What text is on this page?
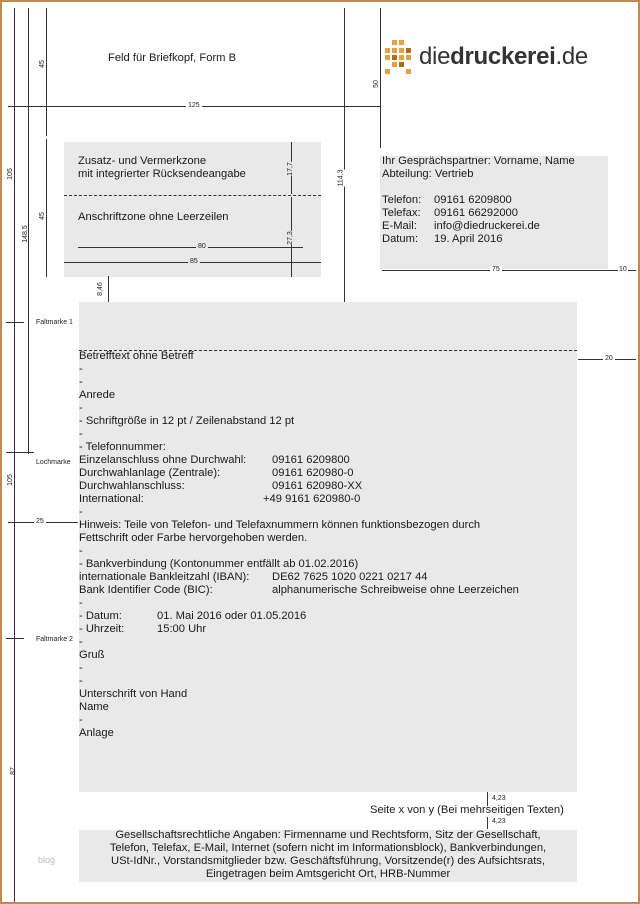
45
105
148,5
45
105
87
Faltmarke 1
Lochmarke
Faltmarke 2
125
50
114,3
Feld für Briefkopf, Form B	diedruckerei.de
Zusatz- und Vermerkzone
mit integrierter Rücksendeangabe
Anschriftzone ohne Leerzeilen
80
85
17,7
27,3
Ihr Gesprächspartner: Vorname, Name
Abteilung: Vertrieb
Telefon: 09161 6209800
Telefax: 09161 66292000
E-Mail: info@diedruckerei.de
Datum: 19. April 2016
75	10
8,46
20
25
Betrefftext ohne Betreff
-
-
Anrede
-
- Schriftgröße in 12 pt / Zeilenabstand 12 pt
-
- Telefonnummer:
Einzelanschluss ohne Durchwahl: 09161 6209800
Durchwahlanlage (Zentrale):	09161 620980-0
Durchwahlanschluss:	09161 620980-XX
International:	+49 9161 620980-0
-
Hinweis: Teile von Telefon- und Telefaxnummern können funktionsbezogen durch
Fettschrift oder Farbe hervorgehoben werden.
-
- Bankverbindung (Kontonummer entfällt ab 01.02.2016)
internationale Bankleitzahl (IBAN): DE62 7625 1020 0221 0217 44
Bank Identifier Code (BIC):	alphanumerische Schreibweise ohne Leerzeichen
-
- Datum:	01. Mai 2016 oder 01.05.2016
- Uhrzeit:	15:00 Uhr
-
Gruß
-
-
Unterschrift von Hand
Name
-
Anlage
4,23
Seite x von y (Bei mehrseitigen Texten)
4,23
Gesellschaftsrechtliche Angaben: Firmenname und Rechtsform, Sitz der Gesellschaft,
Telefon, Telefax, E-Mail, Internet (sofern nicht im Informationsblock), Bankverbindungen,
USt-IdNr., Vorstandsmitglieder bzw. Geschäftsführung, Vorsitzende(r) des Aufsichtsrats,
Eingetragen beim Amtsgericht Ort, HRB-Nummer
blog
